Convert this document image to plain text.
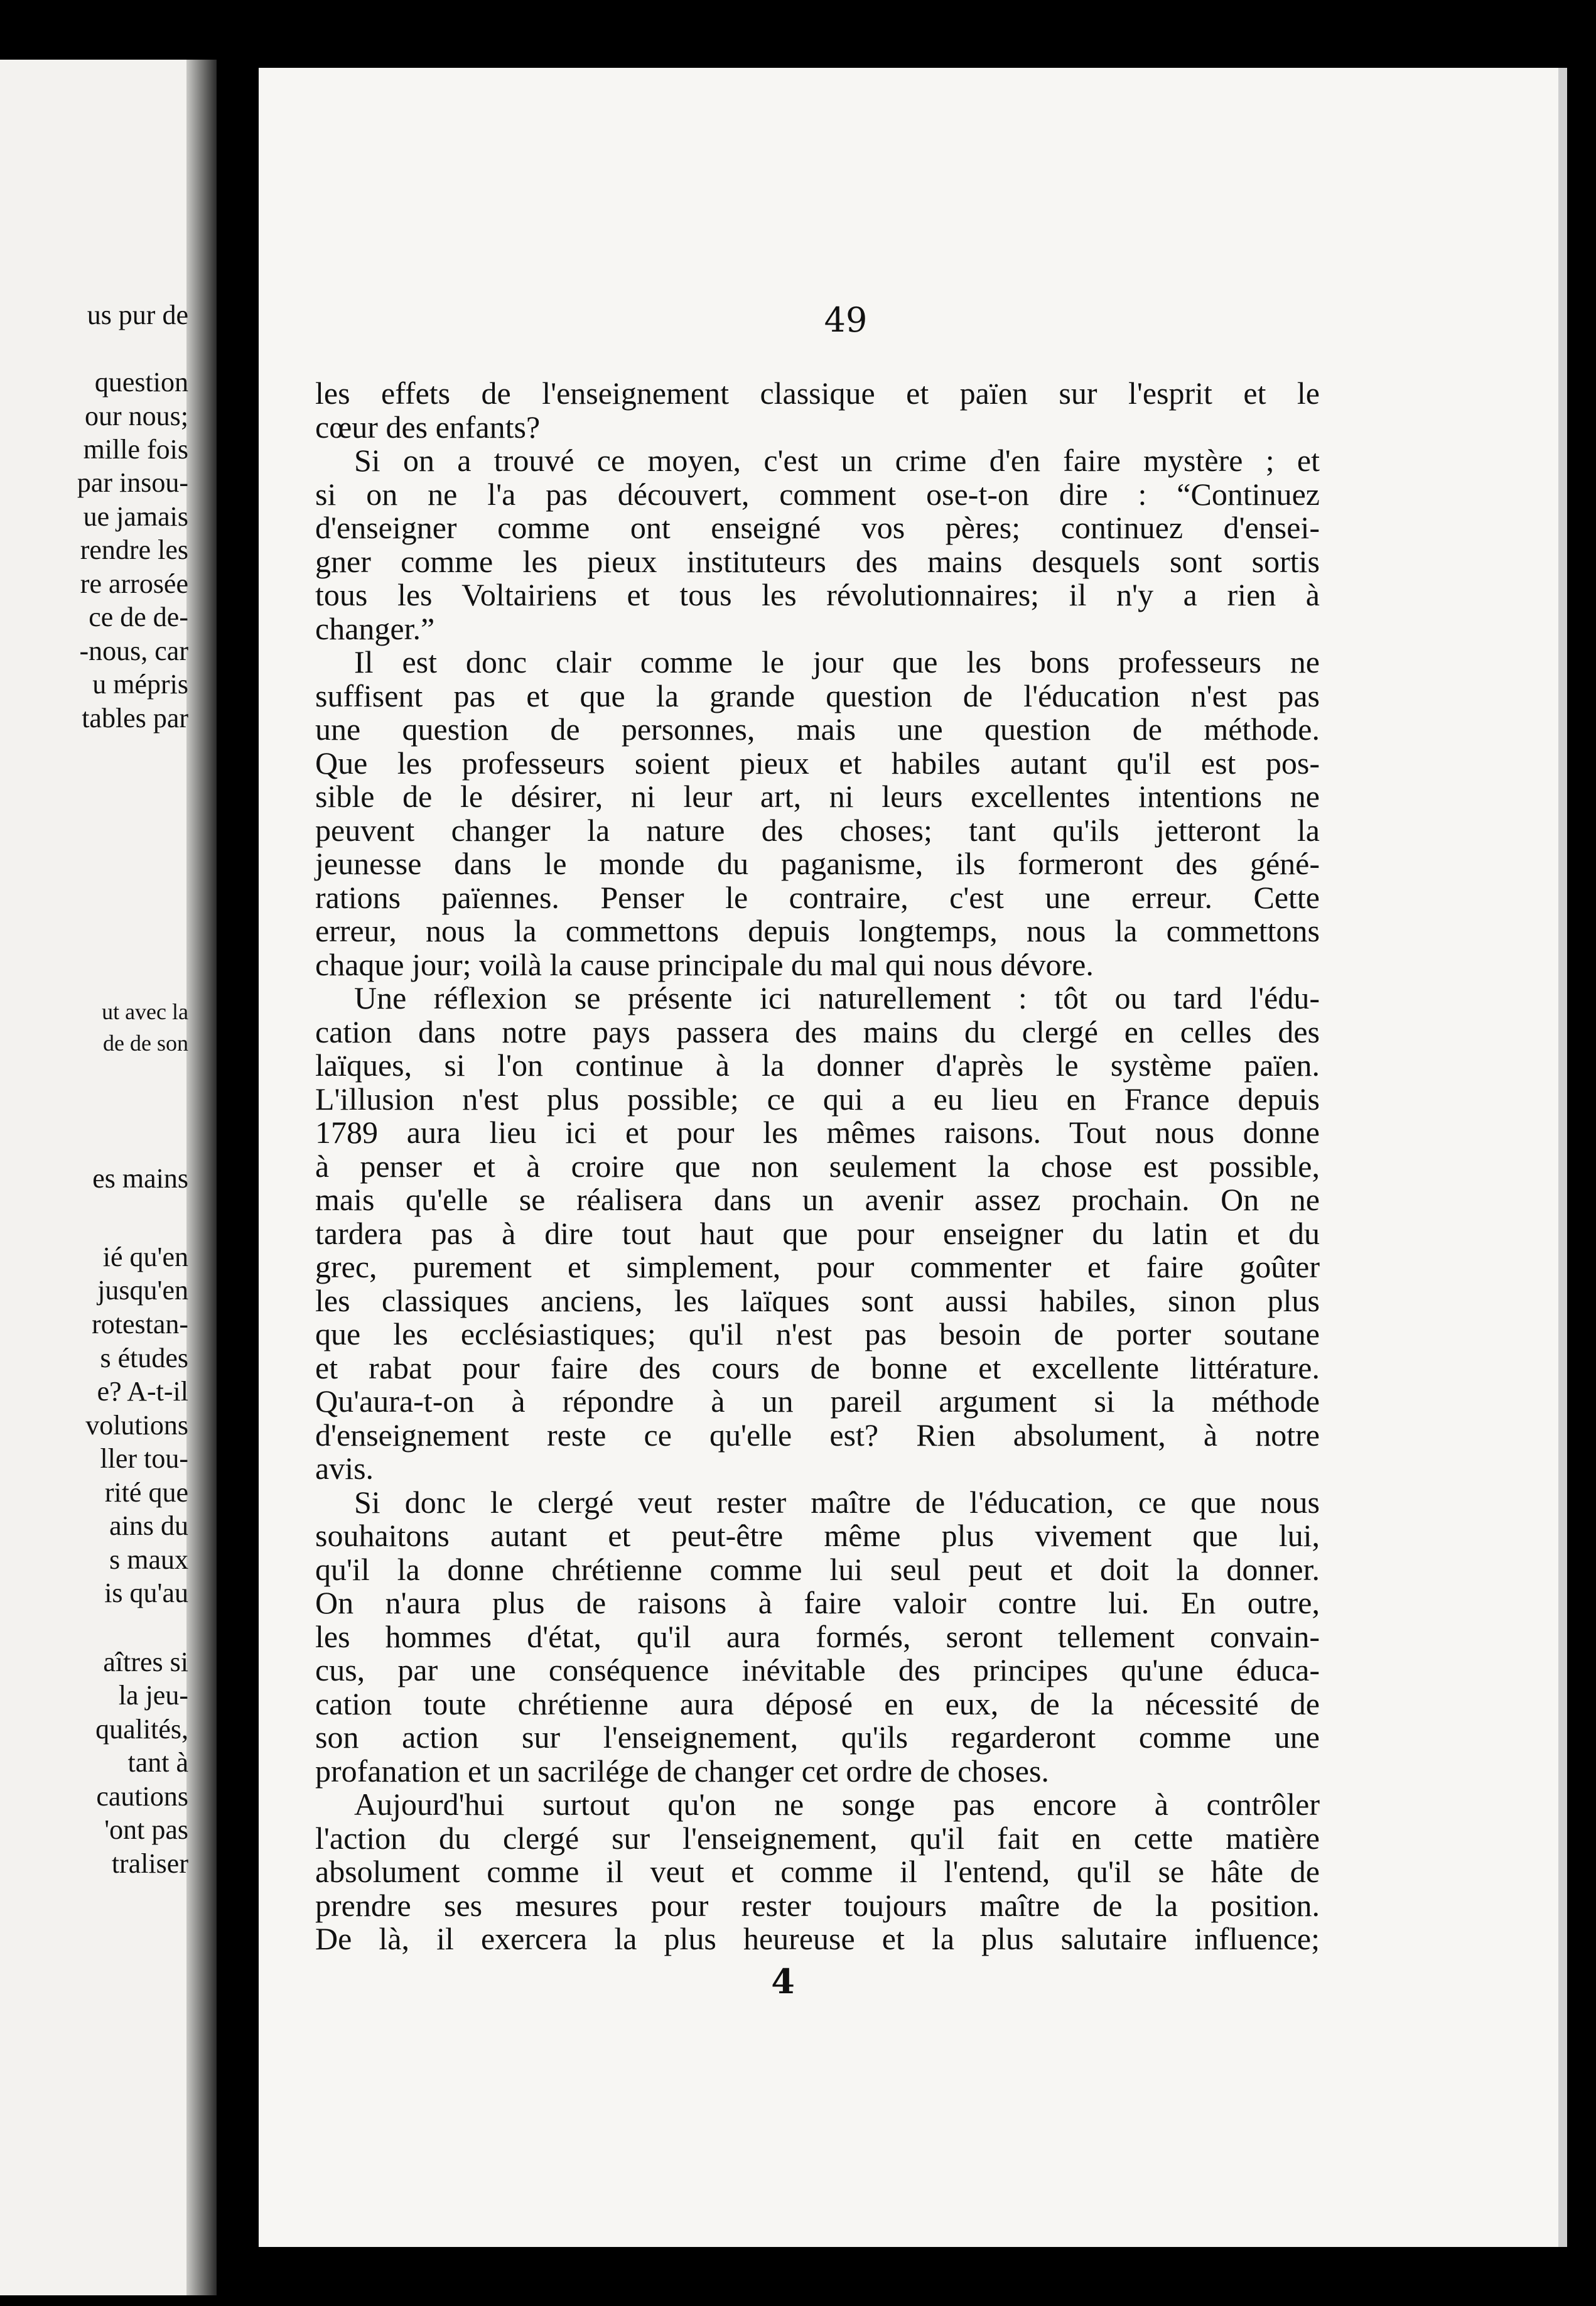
us pur de
question
our nous;
mille fois
par insou-
ue jamais
rendre les
re arrosée
ce de de-
-nous, car
u mépris
tables par
ut avec la
de de son
es mains
ié qu'en
jusqu'en
rotestan-
s études
e? A-t-il
volutions
ller tou-
rité que
ains du
s maux
is qu'au
aîtres si
la jeu-
qualités,
tant à
cautions
'ont pas
traliser
49
les effets de l'enseignement classique et païen sur l'esprit et le
cœur des enfants?
Si on a trouvé ce moyen, c'est un crime d'en faire mystère ; et
si on ne l'a pas découvert, comment ose-t-on dire : “Continuez
d'enseigner comme ont enseigné vos pères; continuez d'ensei-
gner comme les pieux instituteurs des mains desquels sont sortis
tous les Voltairiens et tous les révolutionnaires; il n'y a rien à
changer.”
Il est donc clair comme le jour que les bons professeurs ne
suffisent pas et que la grande question de l'éducation n'est pas
une question de personnes, mais une question de méthode.
Que les professeurs soient pieux et habiles autant qu'il est pos-
sible de le désirer, ni leur art, ni leurs excellentes intentions ne
peuvent changer la nature des choses; tant qu'ils jetteront la
jeunesse dans le monde du paganisme, ils formeront des géné-
rations païennes. Penser le contraire, c'est une erreur. Cette
erreur, nous la commettons depuis longtemps, nous la commettons
chaque jour; voilà la cause principale du mal qui nous dévore.
Une réflexion se présente ici naturellement : tôt ou tard l'édu-
cation dans notre pays passera des mains du clergé en celles des
laïques, si l'on continue à la donner d'après le système païen.
L'illusion n'est plus possible; ce qui a eu lieu en France depuis
1789 aura lieu ici et pour les mêmes raisons. Tout nous donne
à penser et à croire que non seulement la chose est possible,
mais qu'elle se réalisera dans un avenir assez prochain. On ne
tardera pas à dire tout haut que pour enseigner du latin et du
grec, purement et simplement, pour commenter et faire goûter
les classiques anciens, les laïques sont aussi habiles, sinon plus
que les ecclésiastiques; qu'il n'est pas besoin de porter soutane
et rabat pour faire des cours de bonne et excellente littérature.
Qu'aura-t-on à répondre à un pareil argument si la méthode
d'enseignement reste ce qu'elle est? Rien absolument, à notre
avis.
Si donc le clergé veut rester maître de l'éducation, ce que nous
souhaitons autant et peut-être même plus vivement que lui,
qu'il la donne chrétienne comme lui seul peut et doit la donner.
On n'aura plus de raisons à faire valoir contre lui. En outre,
les hommes d'état, qu'il aura formés, seront tellement convain-
cus, par une conséquence inévitable des principes qu'une éduca-
cation toute chrétienne aura déposé en eux, de la nécessité de
son action sur l'enseignement, qu'ils regarderont comme une
profanation et un sacrilége de changer cet ordre de choses.
Aujourd'hui surtout qu'on ne songe pas encore à contrôler
l'action du clergé sur l'enseignement, qu'il fait en cette matière
absolument comme il veut et comme il l'entend, qu'il se hâte de
prendre ses mesures pour rester toujours maître de la position.
De là, il exercera la plus heureuse et la plus salutaire influence;
4
